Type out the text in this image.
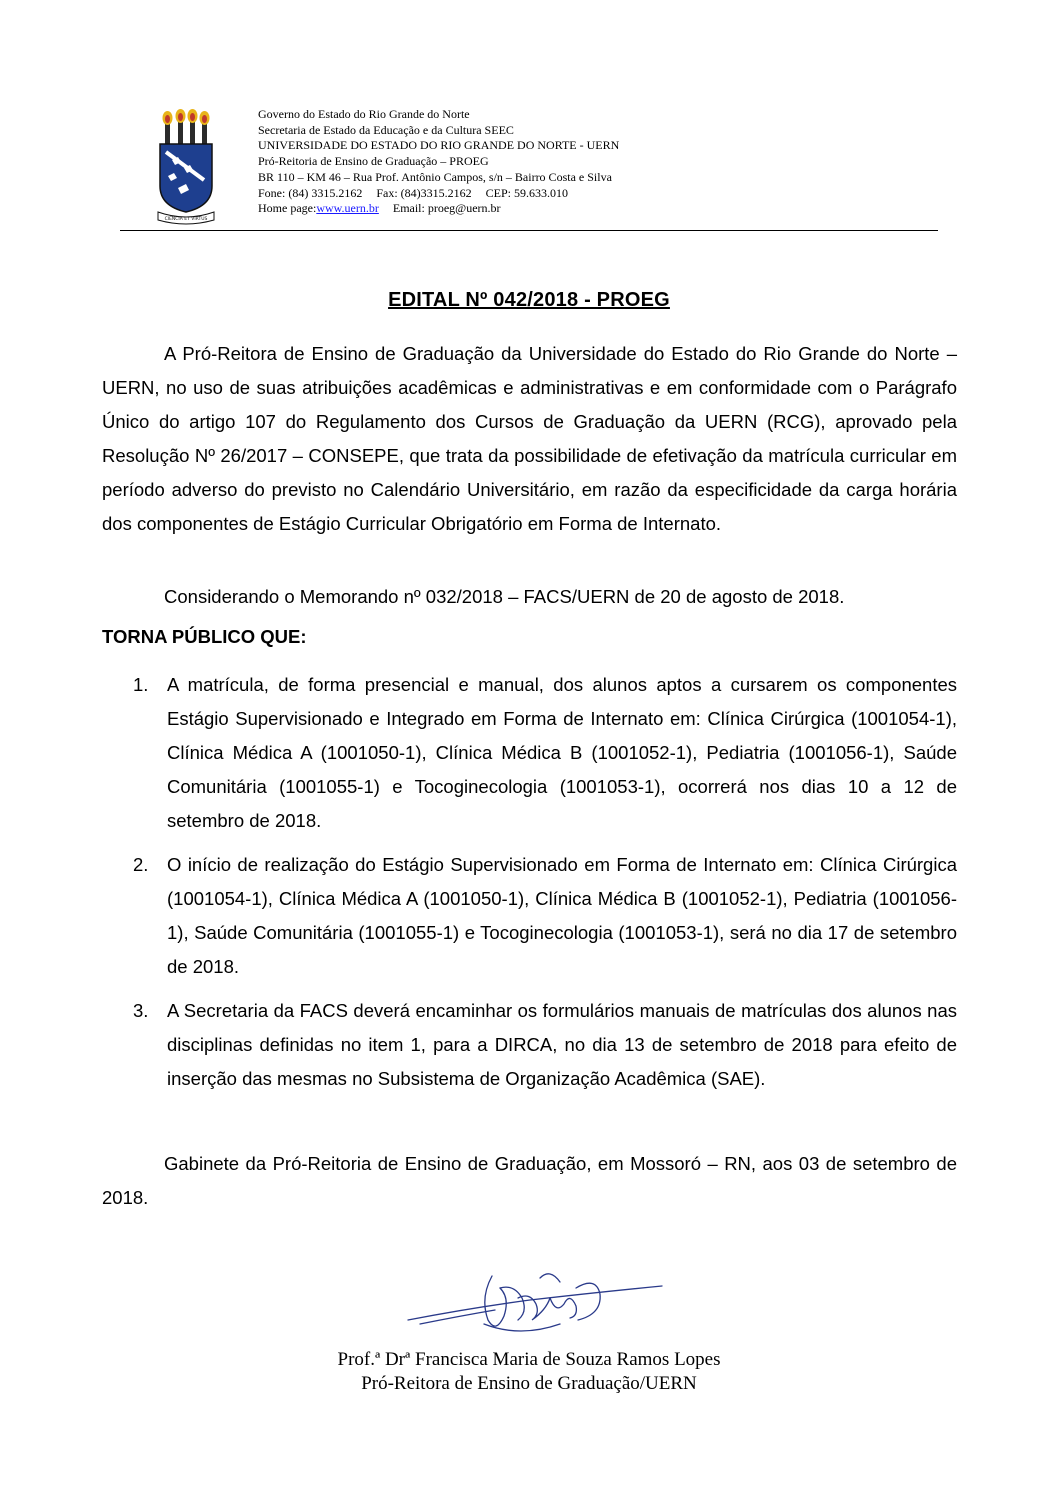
CIENCIA ET VIRTUS
Governo do Estado do Rio Grande do Norte
Secretaria de Estado da Educação e da Cultura SEEC
UNIVERSIDADE DO ESTADO DO RIO GRANDE DO NORTE - UERN
Pró-Reitoria de Ensino de Graduação – PROEG
BR 110 – KM 46 – Rua Prof. Antônio Campos, s/n – Bairro Costa e Silva
Fone: (84) 3315.2162 Fax: (84)3315.2162 CEP: 59.633.010
Home page:www.uern.br Email: proeg@uern.br
EDITAL Nº 042/2018 - PROEG
A Pró-Reitora de Ensino de Graduação da Universidade do Estado do Rio Grande do Norte – UERN, no uso de suas atribuições acadêmicas e administrativas e em conformidade com o Parágrafo Único do artigo 107 do Regulamento dos Cursos de Graduação da UERN (RCG), aprovado pela Resolução Nº 26/2017 – CONSEPE, que trata da possibilidade de efetivação da matrícula curricular em período adverso do previsto no Calendário Universitário, em razão da especificidade da carga horária dos componentes de Estágio Curricular Obrigatório em Forma de Internato.
Considerando o Memorando nº 032/2018 – FACS/UERN de 20 de agosto de 2018.
TORNA PÚBLICO QUE:
1. A matrícula, de forma presencial e manual, dos alunos aptos a cursarem os componentes Estágio Supervisionado e Integrado em Forma de Internato em: Clínica Cirúrgica (1001054-1), Clínica Médica A (1001050-1), Clínica Médica B (1001052-1), Pediatria (1001056-1), Saúde Comunitária (1001055-1) e Tocoginecologia (1001053-1), ocorrerá nos dias 10 a 12 de setembro de 2018.
2. O início de realização do Estágio Supervisionado em Forma de Internato em: Clínica Cirúrgica (1001054-1), Clínica Médica A (1001050-1), Clínica Médica B (1001052-1), Pediatria (1001056-1), Saúde Comunitária (1001055-1) e Tocoginecologia (1001053-1), será no dia 17 de setembro de 2018.
3. A Secretaria da FACS deverá encaminhar os formulários manuais de matrículas dos alunos nas disciplinas definidas no item 1, para a DIRCA, no dia 13 de setembro de 2018 para efeito de inserção das mesmas no Subsistema de Organização Acadêmica (SAE).
Gabinete da Pró-Reitoria de Ensino de Graduação, em Mossoró – RN, aos 03 de setembro de 2018.
Prof.ª Drª Francisca Maria de Souza Ramos Lopes
Pró-Reitora de Ensino de Graduação/UERN
